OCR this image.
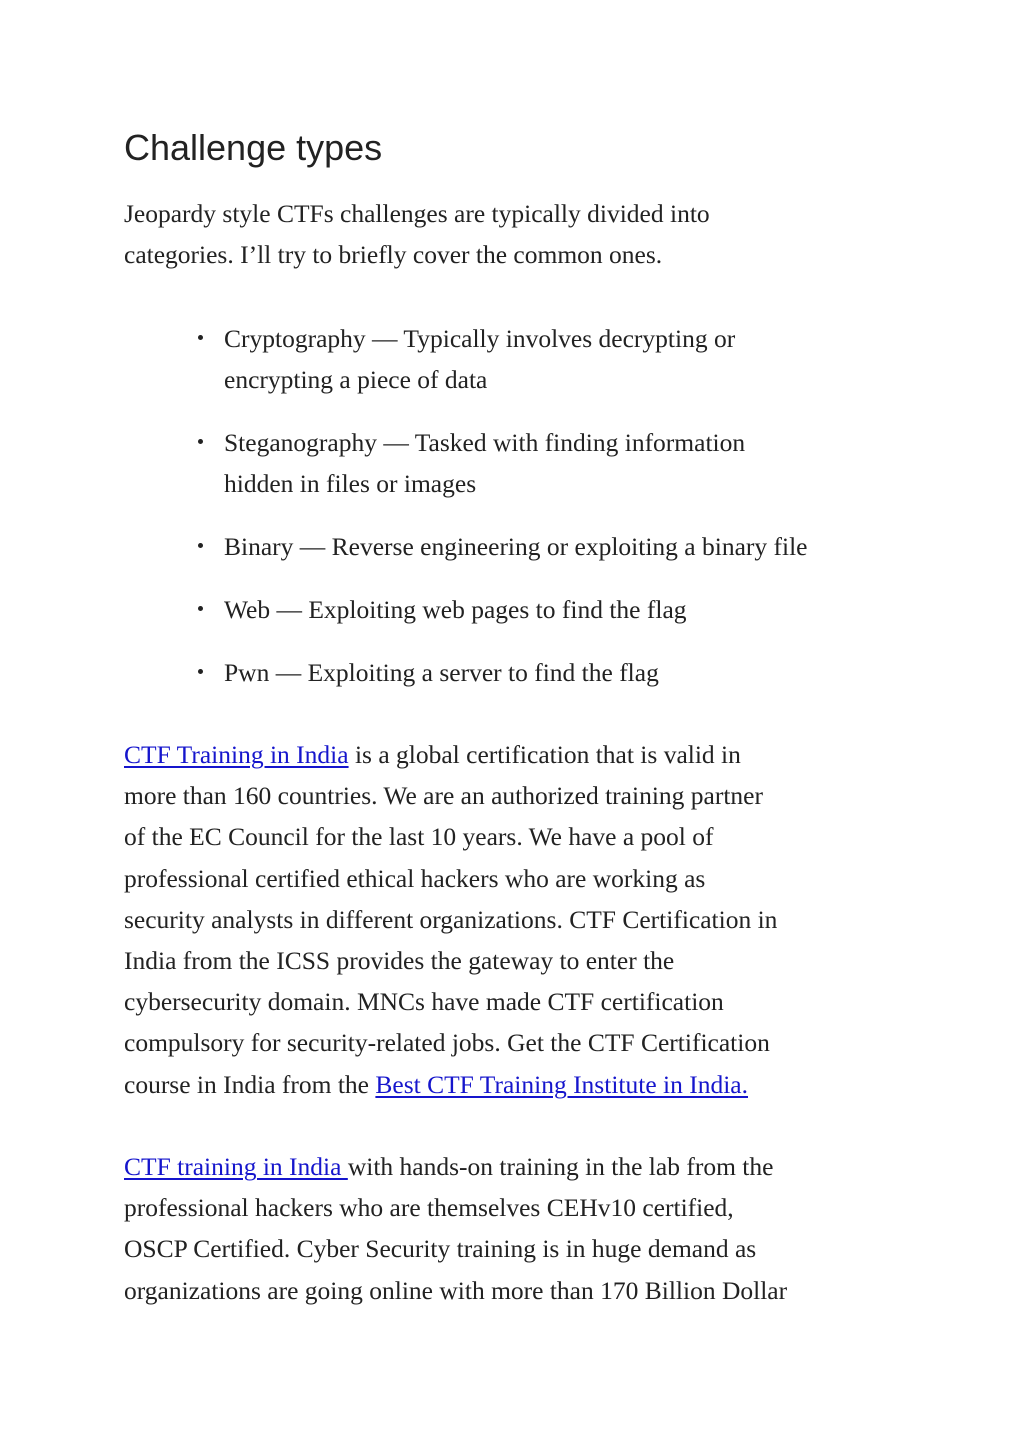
Challenge types

Jeopardy style CTFs challenges are typically divided into
categories. I’ll try to briefly cover the common ones.

Cryptography — Typically involves decrypting or
encrypting a piece of data
Steganography — Tasked with finding information
hidden in files or images
Binary — Reverse engineering or exploiting a binary file
Web — Exploiting web pages to find the flag
Pwn — Exploiting a server to find the flag

CTF Training in India is a global certification that is valid in
more than 160 countries. We are an authorized training partner
of the EC Council for the last 10 years. We have a pool of
professional certified ethical hackers who are working as
security analysts in different organizations. CTF Certification in
India from the ICSS provides the gateway to enter the
cybersecurity domain. MNCs have made CTF certification
compulsory for security-related jobs. Get the CTF Certification
course in India from the Best CTF Training Institute in India.

CTF training in India with hands-on training in the lab from the
professional hackers who are themselves CEHv10 certified,
OSCP Certified. Cyber Security training is in huge demand as
organizations are going online with more than 170 Billion Dollar
